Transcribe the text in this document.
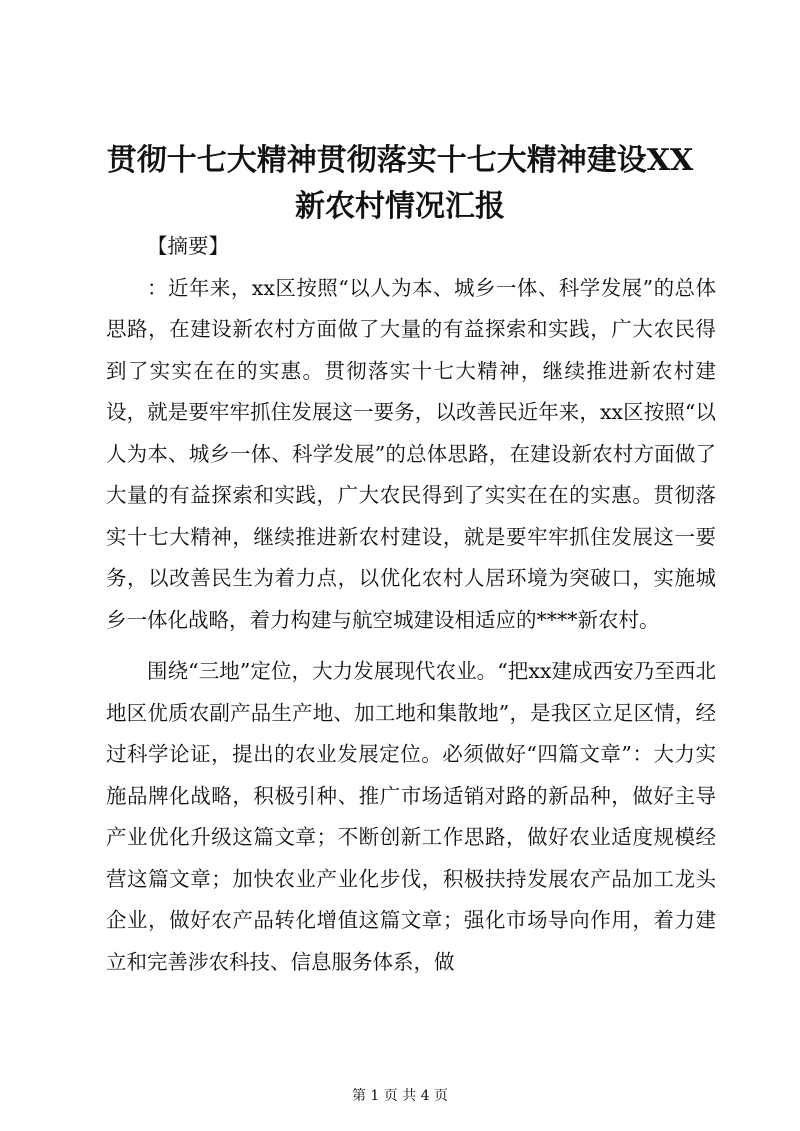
贯彻十七大精神贯彻落实十七大精神建设XX
新农村情况汇报

【摘要】

：近年来，xx区按照“以人为本、城乡一体、科学发展”的总体思路，在建设新农村方面做了大量的有益探索和实践，广大农民得到了实实在在的实惠。贯彻落实十七大精神，继续推进新农村建设，就是要牢牢抓住发展这一要务，以改善民近年来，xx区按照“以人为本、城乡一体、科学发展”的总体思路，在建设新农村方面做了大量的有益探索和实践，广大农民得到了实实在在的实惠。贯彻落实十七大精神，继续推进新农村建设，就是要牢牢抓住发展这一要务，以改善民生为着力点，以优化农村人居环境为突破口，实施城乡一体化战略，着力构建与航空城建设相适应的****新农村。

围绕“三地”定位，大力发展现代农业。“把xx建成西安乃至西北地区优质农副产品生产地、加工地和集散地”，是我区立足区情，经过科学论证，提出的农业发展定位。必须做好“四篇文章”：大力实施品牌化战略，积极引种、推广市场适销对路的新品种，做好主导产业优化升级这篇文章；不断创新工作思路，做好农业适度规模经营这篇文章；加快农业产业化步伐，积极扶持发展农产品加工龙头企业，做好农产品转化增值这篇文章；强化市场导向作用，着力建立和完善涉农科技、信息服务体系，做

第 1 页 共 4 页
